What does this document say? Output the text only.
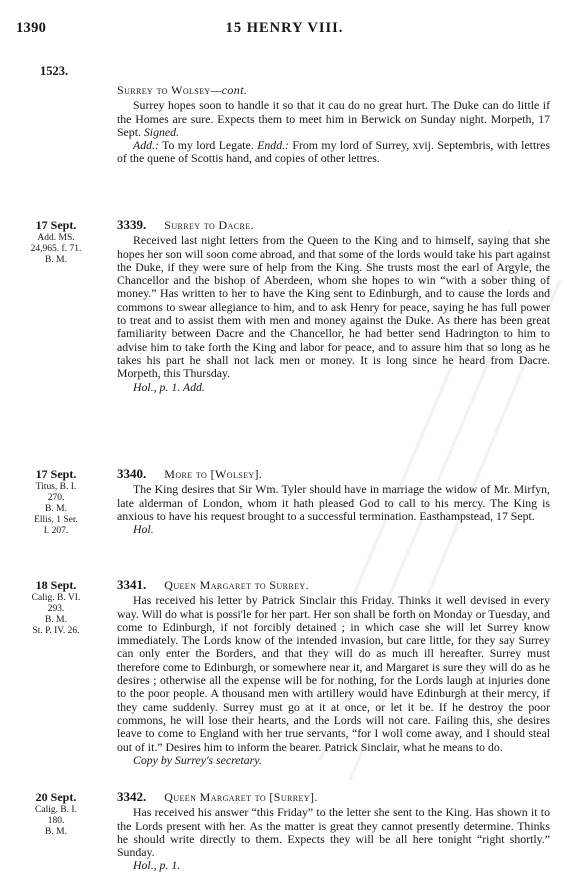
1390	15 HENRY VIII.
1523.
Surrey to Wolsey—cont.

Surrey hopes soon to handle it so that it cau do no great hurt. The Duke can do little if the Homes are sure. Expects them to meet him in Berwick on Sunday night. Morpeth, 17 Sept. Signed.

Add.: To my lord Legate. Endd.: From my lord of Surrey, xvij. Septembris, with lettres of the quene of Scottis hand, and copies of other lettres.
17 Sept.
Add. MS.
24,965. f. 71.
B. M.
3339. Surrey to Dacre.

Received last night letters from the Queen to the King and to himself, saying that she hopes her son will soon come abroad, and that some of the lords would take his part against the Duke, if they were sure of help from the King. She trusts most the earl of Argyle, the Chancellor and the bishop of Aberdeen, whom she hopes to win “with a sober thing of money.” Has written to her to have the King sent to Edinburgh, and to cause the lords and commons to swear allegiance to him, and to ask Henry for peace, saying he has full power to treat and to assist them with men and money against the Duke. As there has been great familiarity between Dacre and the Chancellor, he had better send Hadrington to him to advise him to take forth the King and labor for peace, and to assure him that so long as he takes his part he shall not lack men or money. It is long since he heard from Dacre. Morpeth, this Thursday.

Hol., p. 1. Add.
17 Sept.
Titus, B. I.
270.
B. M.
Ellis, 1 Ser.
I. 207.
3340. More to [Wolsey].

The King desires that Sir Wm. Tyler should have in marriage the widow of Mr. Mirfyn, late alderman of London, whom it hath pleased God to call to his mercy. The King is anxious to have his request brought to a successful termination. Easthampstead, 17 Sept.

Hol.
18 Sept.
Calig. B. VI.
293.
B. M.
St. P. IV. 26.
3341. Queen Margaret to Surrey.

Has received his letter by Patrick Sinclair this Friday. Thinks it well devised in every way. Will do what is possi'le for her part. Her son shall be forth on Monday or Tuesday, and come to Edinburgh, if not forcibly detained ; in which case she will let Surrey know immediately. The Lords know of the intended invasion, but care little, for they say Surrey can only enter the Borders, and that they will do as much ill hereafter. Surrey must therefore come to Edinburgh, or somewhere near it, and Margaret is sure they will do as he desires ; otherwise all the expense will be for nothing, for the Lords laugh at injuries done to the poor people. A thousand men with artillery would have Edinburgh at their mercy, if they came suddenly. Surrey must go at it at once, or let it be. If he destroy the poor commons, he will lose their hearts, and the Lords will not care. Failing this, she desires leave to come to England with her true servants, “for I woll come away, and I should steal out of it.” Desires him to inform the bearer. Patrick Sinclair, what he means to do.

Copy by Surrey's secretary.
20 Sept.
Calig. B. I.
180.
B. M.
3342. Queen Margaret to [Surrey].

Has received his answer “this Friday” to the letter she sent to the King. Has shown it to the Lords present with her. As the matter is great they cannot presently determine. Thinks he should write directly to them. Expects they will be all here tonight “right shortly.” Sunday.

Hol., p. 1.
